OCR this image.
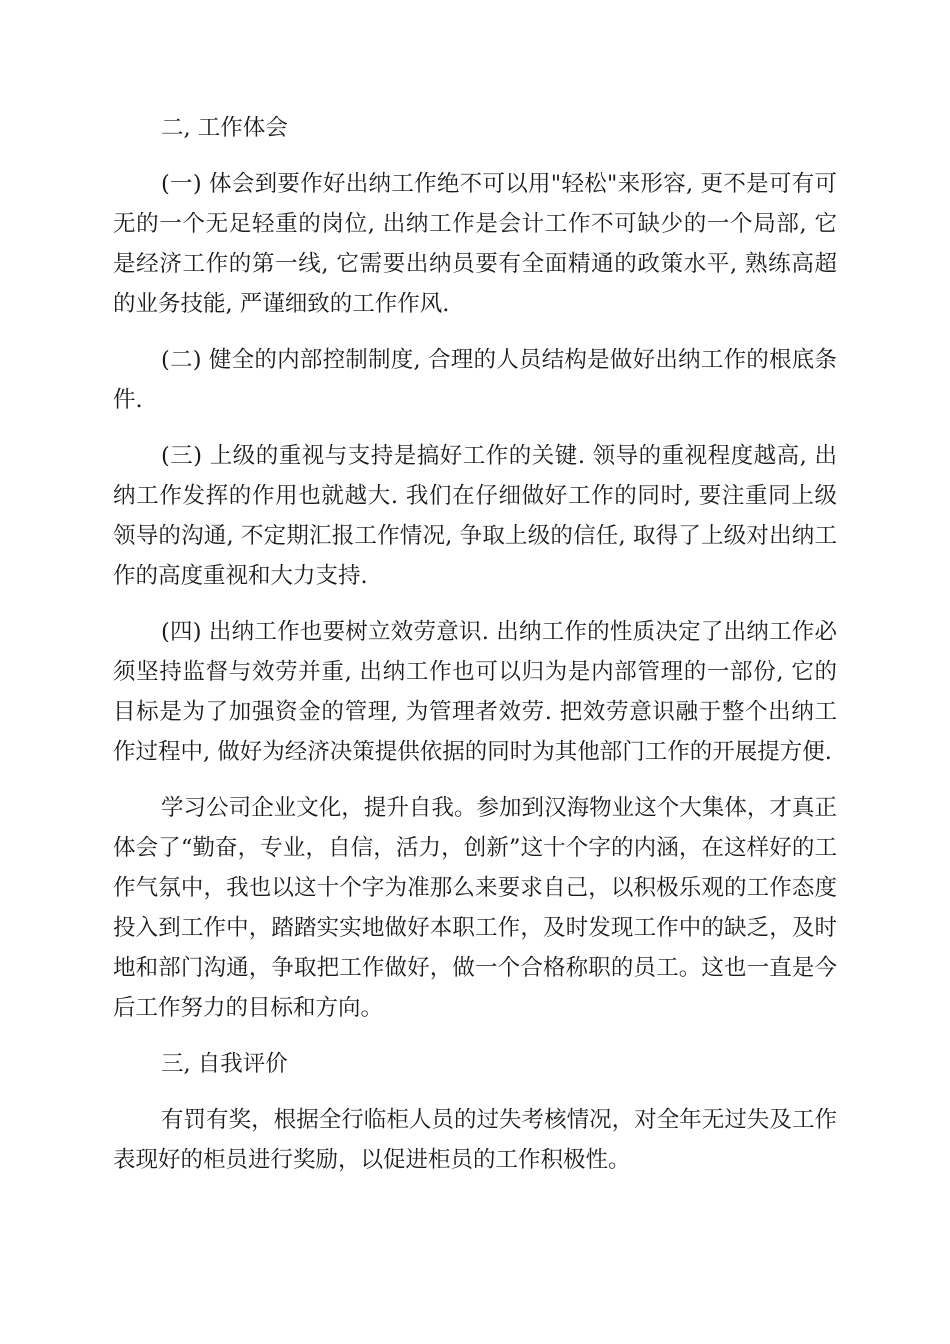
二, 工作体会

(一) 体会到要作好出纳工作绝不可以用"轻松"来形容, 更不是可有可无的一个无足轻重的岗位, 出纳工作是会计工作不可缺少的一个局部, 它是经济工作的第一线, 它需要出纳员要有全面精通的政策水平, 熟练高超的业务技能, 严谨细致的工作作风.

(二) 健全的内部控制制度, 合理的人员结构是做好出纳工作的根底条件.

(三) 上级的重视与支持是搞好工作的关键. 领导的重视程度越高, 出纳工作发挥的作用也就越大. 我们在仔细做好工作的同时, 要注重同上级领导的沟通, 不定期汇报工作情况, 争取上级的信任, 取得了上级对出纳工作的高度重视和大力支持.

(四) 出纳工作也要树立效劳意识. 出纳工作的性质决定了出纳工作必须坚持监督与效劳并重, 出纳工作也可以归为是内部管理的一部份, 它的目标是为了加强资金的管理, 为管理者效劳. 把效劳意识融于整个出纳工作过程中, 做好为经济决策提供依据的同时为其他部门工作的开展提方便.

学习公司企业文化，提升自我。参加到汉海物业这个大集体，才真正体会了“勤奋，专业，自信，活力，创新”这十个字的内涵，在这样好的工作气氛中，我也以这十个字为准那么来要求自己，以积极乐观的工作态度投入到工作中，踏踏实实地做好本职工作，及时发现工作中的缺乏，及时地和部门沟通，争取把工作做好，做一个合格称职的员工。这也一直是今后工作努力的目标和方向。

三, 自我评价

有罚有奖，根据全行临柜人员的过失考核情况，对全年无过失及工作表现好的柜员进行奖励，以促进柜员的工作积极性。
